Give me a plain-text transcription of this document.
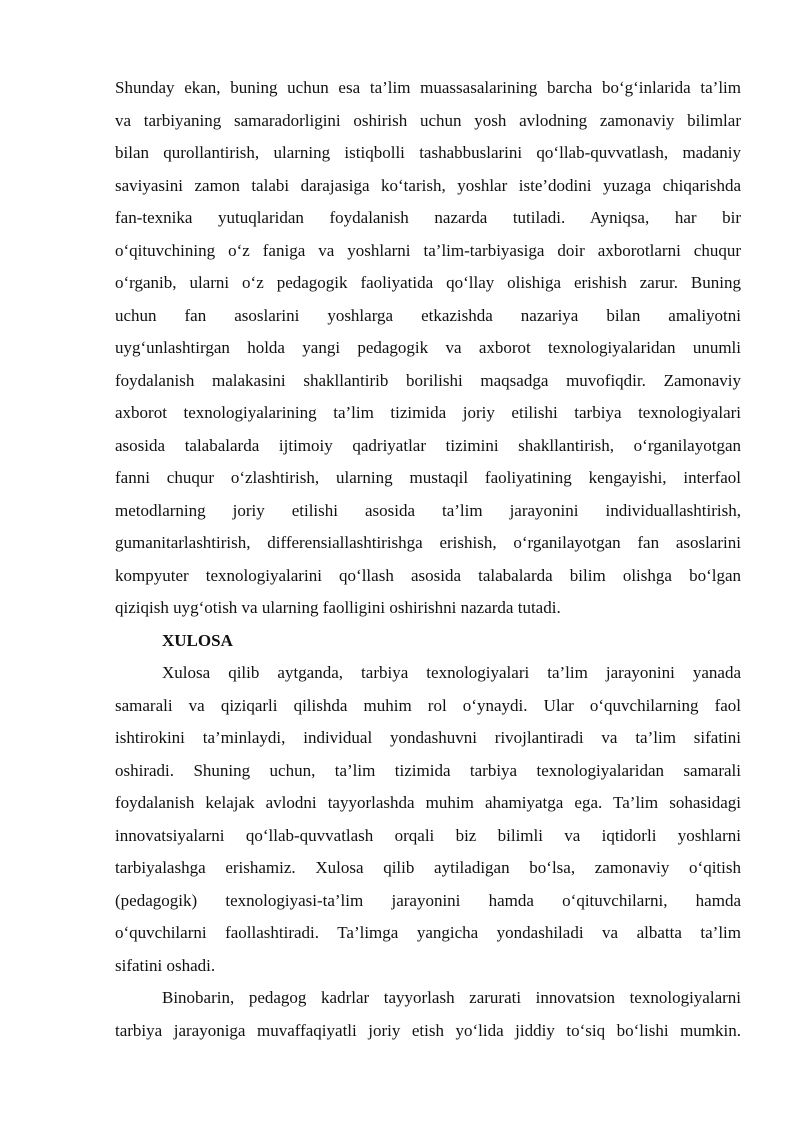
Shunday ekan, buning uchun esa ta’lim muassasalarining barcha bo‘g‘inlarida ta’lim
va tarbiyaning samaradorligini oshirish uchun yosh avlodning zamonaviy bilimlar
bilan qurollantirish, ularning istiqbolli tashabbuslarini qo‘llab-quvvatlash, madaniy
saviyasini zamon talabi darajasiga ko‘tarish, yoshlar iste’dodini yuzaga chiqarishda
fan-texnika yutuqlaridan foydalanish nazarda tutiladi. Ayniqsa, har bir
o‘qituvchining o‘z faniga va yoshlarni ta’lim-tarbiyasiga doir axborotlarni chuqur
o‘rganib, ularni o‘z pedagogik faoliyatida qo‘llay olishiga erishish zarur. Buning
uchun fan asoslarini yoshlarga etkazishda nazariya bilan amaliyotni
uyg‘unlashtirgan holda yangi pedagogik va axborot texnologiyalaridan unumli
foydalanish malakasini shakllantirib borilishi maqsadga muvofiqdir. Zamonaviy
axborot texnologiyalarining ta’lim tizimida joriy etilishi tarbiya texnologiyalari
asosida talabalarda ijtimoiy qadriyatlar tizimini shakllantirish, o‘rganilayotgan
fanni chuqur o‘zlashtirish, ularning mustaqil faoliyatining kengayishi, interfaol
metodlarning joriy etilishi asosida ta’lim jarayonini individuallashtirish,
gumanitarlashtirish, differensiallashtirishga erishish, o‘rganilayotgan fan asoslarini
kompyuter texnologiyalarini qo‘llash asosida talabalarda bilim olishga bo‘lgan
qiziqish uyg‘otish va ularning faolligini oshirishni nazarda tutadi.
XULOSA
Xulosa qilib aytganda, tarbiya texnologiyalari ta’lim jarayonini yanada
samarali va qiziqarli qilishda muhim rol o‘ynaydi. Ular o‘quvchilarning faol
ishtirokini ta’minlaydi, individual yondashuvni rivojlantiradi va ta’lim sifatini
oshiradi. Shuning uchun, ta’lim tizimida tarbiya texnologiyalaridan samarali
foydalanish kelajak avlodni tayyorlashda muhim ahamiyatga ega. Ta’lim sohasidagi
innovatsiyalarni qo‘llab-quvvatlash orqali biz bilimli va iqtidorli yoshlarni
tarbiyalashga erishamiz. Xulosa qilib aytiladigan bo‘lsa, zamonaviy o‘qitish
(pedagogik) texnologiyasi-ta’lim jarayonini hamda o‘qituvchilarni, hamda
o‘quvchilarni faollashtiradi. Ta’limga yangicha yondashiladi va albatta ta’lim
sifatini oshadi.
Binobarin, pedagog kadrlar tayyorlash zarurati innovatsion texnologiyalarni
tarbiya jarayoniga muvaffaqiyatli joriy etish yo‘lida jiddiy to‘siq bo‘lishi mumkin.
